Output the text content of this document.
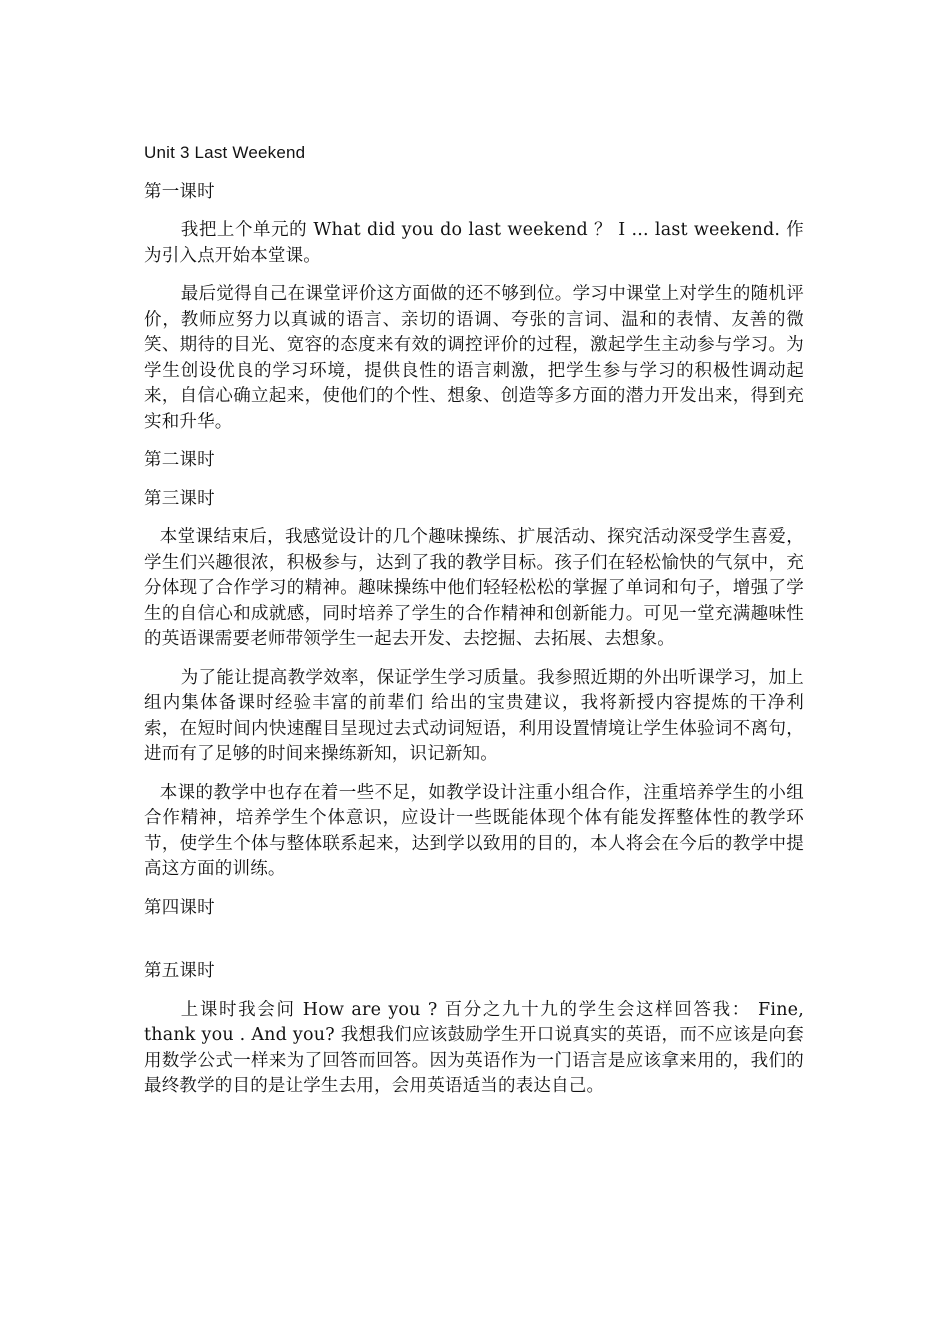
Unit 3 Last Weekend

第一课时

我把上个单元的 What did you do last weekend ？ I ... last weekend. 作为引入点开始本堂课。

最后觉得自己在课堂评价这方面做的还不够到位。学习中课堂上对学生的随机评价，教师应努力以真诚的语言、亲切的语调、夸张的言词、温和的表情、友善的微笑、期待的目光、宽容的态度来有效的调控评价的过程，激起学生主动参与学习。为学生创设优良的学习环境，提供良性的语言刺激，把学生参与学习的积极性调动起来，自信心确立起来，使他们的个性、想象、创造等多方面的潜力开发出来，得到充实和升华。

第二课时

第三课时

本堂课结束后，我感觉设计的几个趣味操练、扩展活动、探究活动深受学生喜爱，学生们兴趣很浓，积极参与，达到了我的教学目标。孩子们在轻松愉快的气氛中，充分体现了合作学习的精神。趣味操练中他们轻轻松松的掌握了单词和句子，增强了学生的自信心和成就感，同时培养了学生的合作精神和创新能力。可见一堂充满趣味性的英语课需要老师带领学生一起去开发、去挖掘、去拓展、去想象。

为了能让提高教学效率，保证学生学习质量。我参照近期的外出听课学习，加上组内集体备课时经验丰富的前辈们 给出的宝贵建议，我将新授内容提炼的干净利索，在短时间内快速醒目呈现过去式动词短语，利用设置情境让学生体验词不离句，进而有了足够的时间来操练新知，识记新知。

本课的教学中也存在着一些不足，如教学设计注重小组合作，注重培养学生的小组合作精神，培养学生个体意识，应设计一些既能体现个体有能发挥整体性的教学环节，使学生个体与整体联系起来，达到学以致用的目的，本人将会在今后的教学中提高这方面的训练。

第四课时

第五课时

上课时我会问 How are you ? 百分之九十九的学生会这样回答我： Fine, thank you . And you? 我想我们应该鼓励学生开口说真实的英语，而不应该是向套用数学公式一样来为了回答而回答。因为英语作为一门语言是应该拿来用的，我们的最终教学的目的是让学生去用，会用英语适当的表达自己。
